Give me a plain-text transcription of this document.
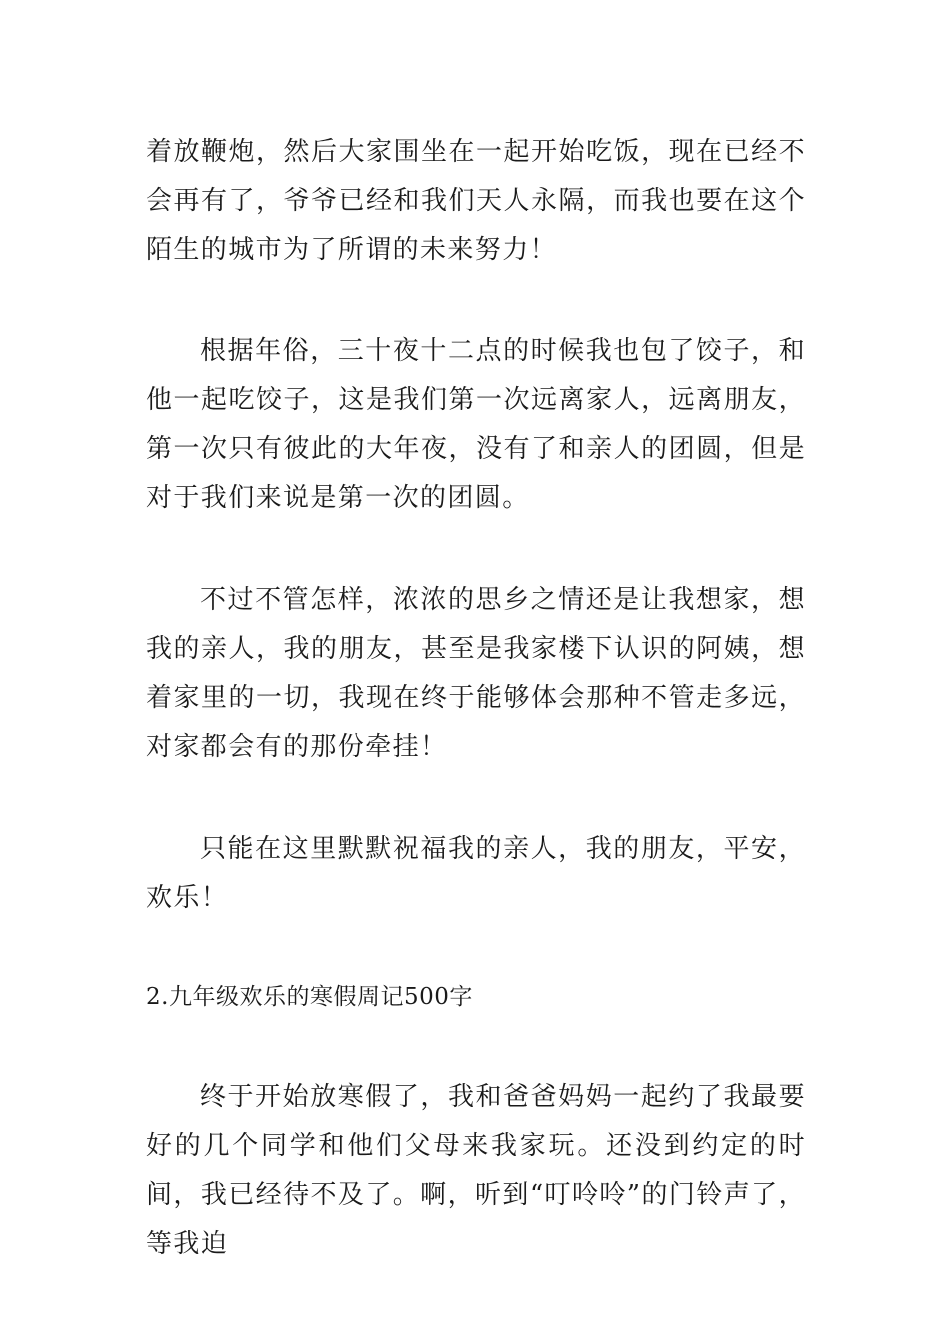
着放鞭炮，然后大家围坐在一起开始吃饭，现在已经不会再有了，爷爷已经和我们天人永隔，而我也要在这个陌生的城市为了所谓的未来努力！

根据年俗，三十夜十二点的时候我也包了饺子，和他一起吃饺子，这是我们第一次远离家人，远离朋友，第一次只有彼此的大年夜，没有了和亲人的团圆，但是对于我们来说是第一次的团圆。

不过不管怎样，浓浓的思乡之情还是让我想家，想我的亲人，我的朋友，甚至是我家楼下认识的阿姨，想着家里的一切，我现在终于能够体会那种不管走多远，对家都会有的那份牵挂！

只能在这里默默祝福我的亲人，我的朋友，平安，欢乐！

2.九年级欢乐的寒假周记500字

终于开始放寒假了，我和爸爸妈妈一起约了我最要好的几个同学和他们父母来我家玩。还没到约定的时间，我已经待不及了。啊，听到“叮呤呤”的门铃声了，等我迫
